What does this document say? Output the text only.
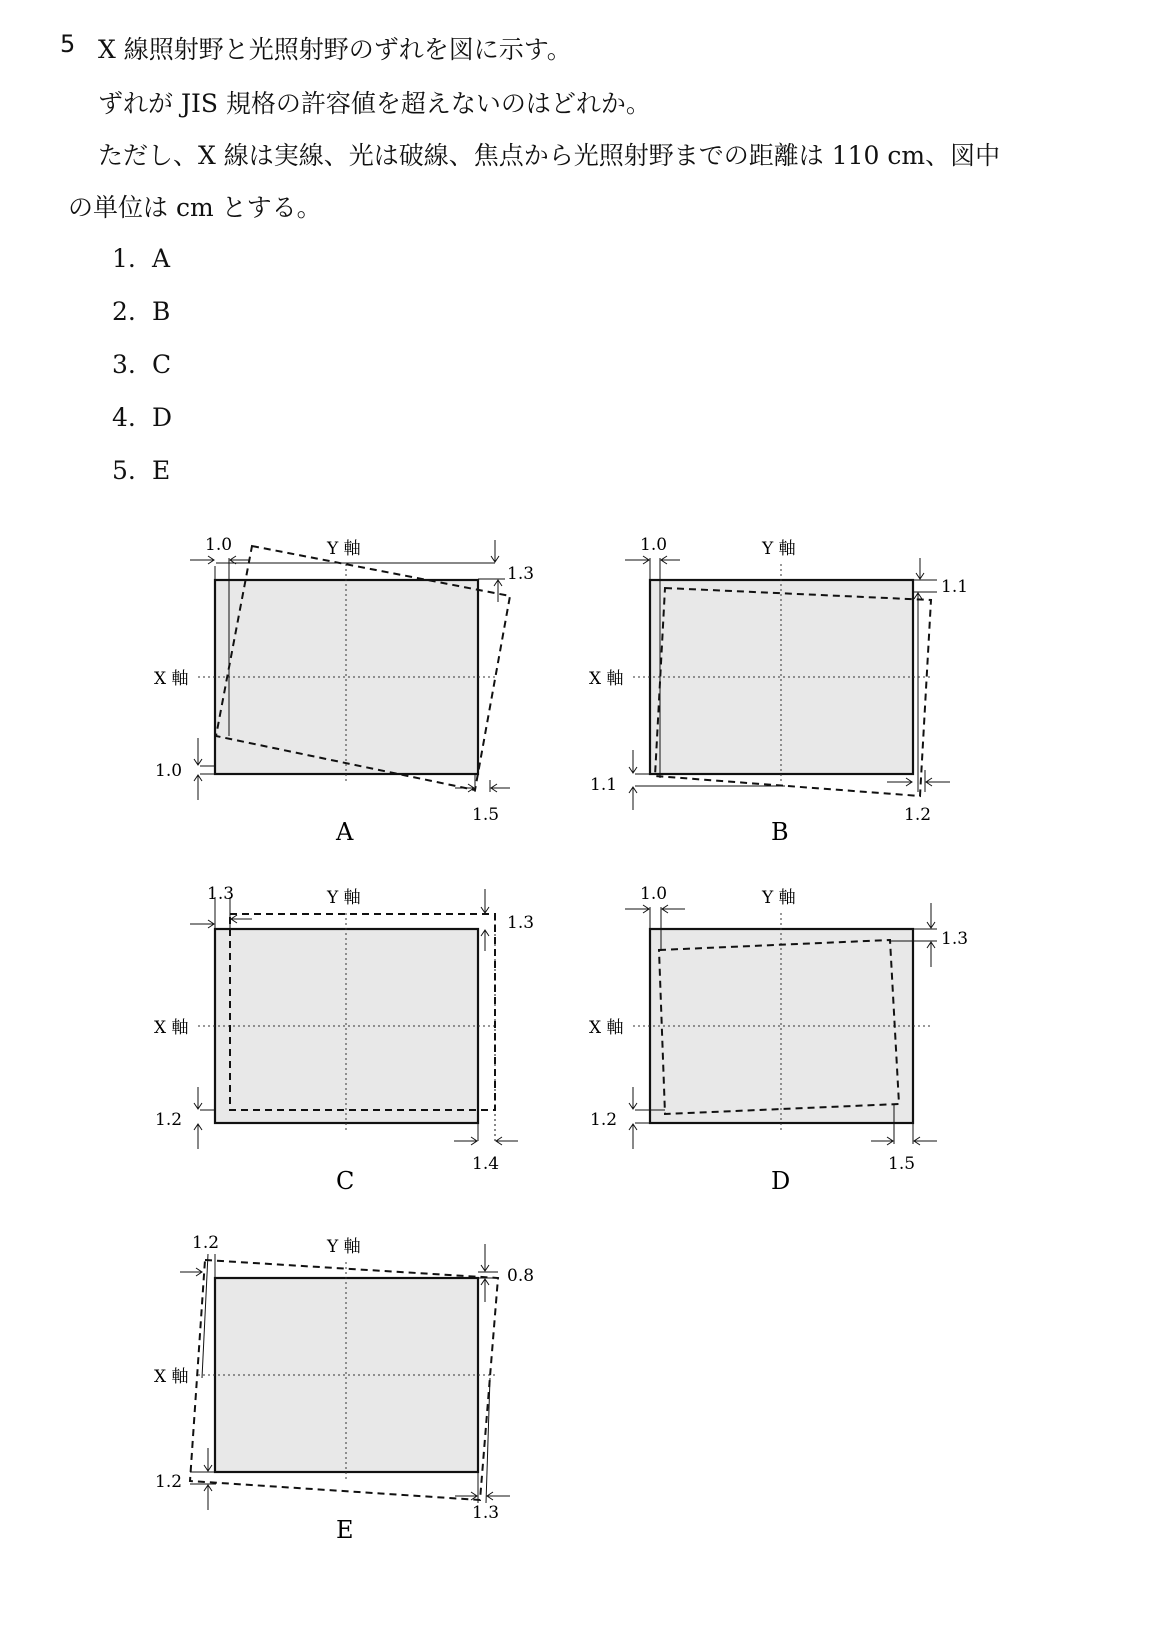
5 X 線照射野と光照射野のずれを図に示す。
ずれが JIS 規格の許容値を超えないのはどれか。
ただし、X 線は実線、光は破線、焦点から光照射野までの距離は 110 cm、図中
の単位は cm とする。
1. A
2. B
3. C
4. D
5. E
1.0
1.3
1.0
1.5
Y 軸
X 軸
A
1.0
1.1
1.1
1.2
Y 軸
X 軸
B
1.3
1.3
1.2
1.4
Y 軸
X 軸
C
1.0
1.3
1.2
1.5
Y 軸
X 軸
D
1.2
0.8
1.2
1.3
Y 軸
X 軸
E
